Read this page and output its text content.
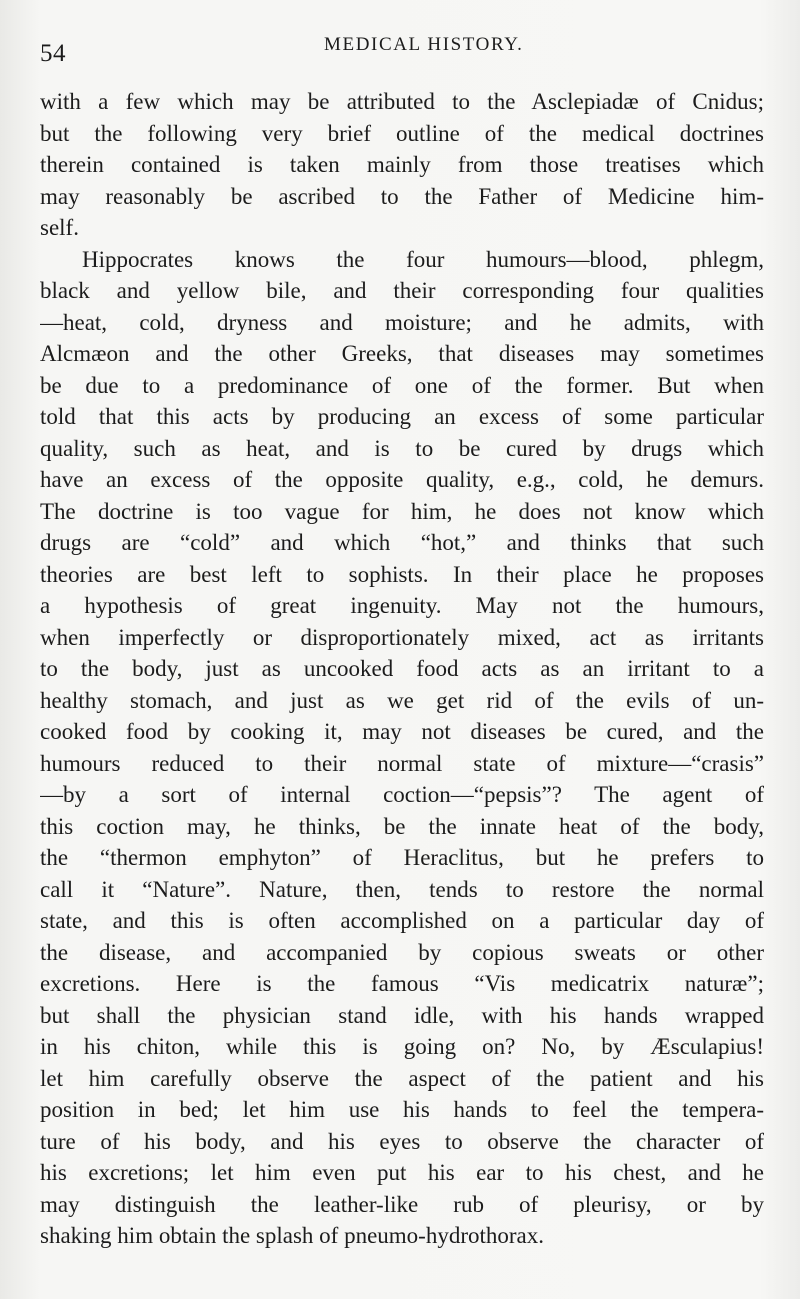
54	MEDICAL HISTORY.
with a few which may be attributed to the Asclepiadæ of Cnidus;
but the following very brief outline of the medical doctrines
therein contained is taken mainly from those treatises which
may reasonably be ascribed to the Father of Medicine him-
self.
Hippocrates knows the four humours—blood, phlegm,
black and yellow bile, and their corresponding four qualities
—heat, cold, dryness and moisture; and he admits, with
Alcmæon and the other Greeks, that diseases may sometimes
be due to a predominance of one of the former. But when
told that this acts by producing an excess of some particular
quality, such as heat, and is to be cured by drugs which
have an excess of the opposite quality, e.g., cold, he demurs.
The doctrine is too vague for him, he does not know which
drugs are “cold” and which “hot,” and thinks that such
theories are best left to sophists. In their place he proposes
a hypothesis of great ingenuity. May not the humours,
when imperfectly or disproportionately mixed, act as irritants
to the body, just as uncooked food acts as an irritant to a
healthy stomach, and just as we get rid of the evils of un-
cooked food by cooking it, may not diseases be cured, and the
humours reduced to their normal state of mixture—“crasis”
—by a sort of internal coction—“pepsis”? The agent of
this coction may, he thinks, be the innate heat of the body,
the “thermon emphyton” of Heraclitus, but he prefers to
call it “Nature”. Nature, then, tends to restore the normal
state, and this is often accomplished on a particular day of
the disease, and accompanied by copious sweats or other
excretions. Here is the famous “Vis medicatrix naturæ”;
but shall the physician stand idle, with his hands wrapped
in his chiton, while this is going on? No, by Æsculapius!
let him carefully observe the aspect of the patient and his
position in bed; let him use his hands to feel the tempera-
ture of his body, and his eyes to observe the character of
his excretions; let him even put his ear to his chest, and he
may distinguish the leather-like rub of pleurisy, or by
shaking him obtain the splash of pneumo-hydrothorax.
